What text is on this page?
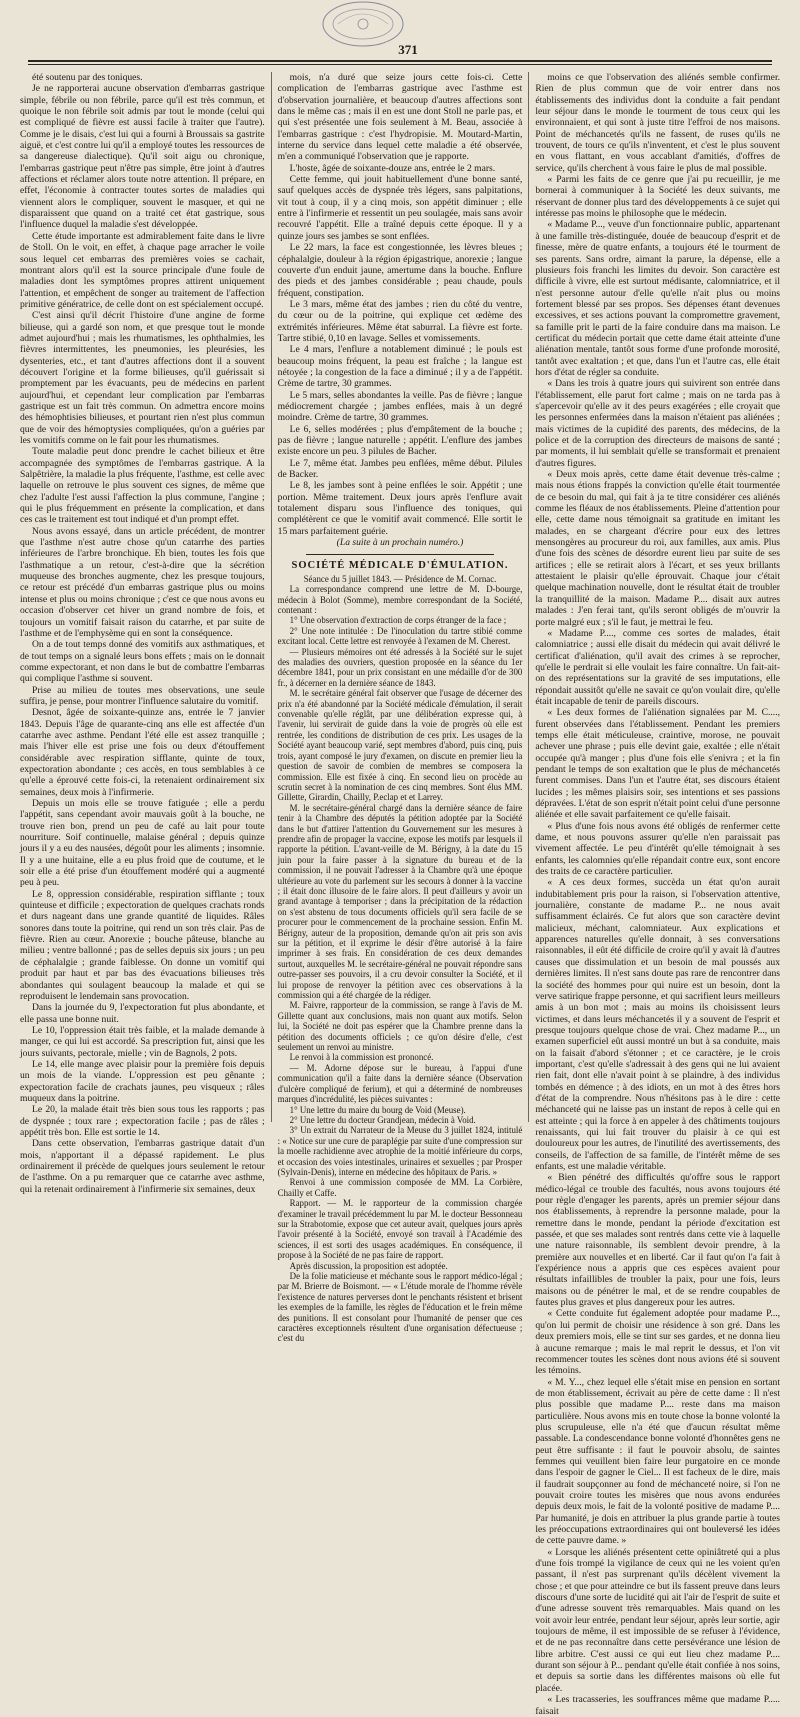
371

été soutenu par des toniques.

Je ne rapporterai aucune observation d'embarras gastrique simple, fébrile ou non fébrile, parce qu'il est très commun, et quoique le non fébrile soit admis par tout le monde (celui qui est compliqué de fièvre est aussi facile à traiter que l'autre). Comme je le disais, c'est lui qui a fourni à Broussais sa gastrite aiguë, et c'est contre lui qu'il a employé toutes les ressources de sa dangereuse dialectique). Qu'il soit aigu ou chronique, l'embarras gastrique peut n'être pas simple, être joint à d'autres affections et réclamer alors toute notre attention. Il prépare, en effet, l'économie à contracter toutes sortes de maladies qui viennent alors le compliquer, souvent le masquer, et qui ne disparaissent que quand on a traité cet état gastrique, sous l'influence duquel la maladie s'est développée.

Cette étude importante est admirablement faite dans le livre de Stoll. On le voit, en effet, à chaque page arracher le voile sous lequel cet embarras des premières voies se cachait, montrant alors qu'il est la source principale d'une foule de maladies dont les symptômes propres attirent uniquement l'attention, et empêchent de songer au traitement de l'affection primitive génératrice, de celle dont on est spécialement occupé.

C'est ainsi qu'il décrit l'histoire d'une angine de forme bilieuse, qui a gardé son nom, et que presque tout le monde admet aujourd'hui ; mais les rhumatismes, les ophthalmies, les fièvres intermittentes, les pneumonies, les pleurésies, les dysenteries, etc., et tant d'autres affections dont il a souvent découvert l'origine et la forme bilieuses, qu'il guérissait si promptement par les évacuants, peu de médecins en parlent aujourd'hui, et cependant leur complication par l'embarras gastrique est un fait très commun. On admettra encore moins des hémophtisies bilieuses, et pourtant rien n'est plus commun que de voir des hémoptysies compliquées, qu'on a guéries par les vomitifs comme on le fait pour les rhumatismes.

Toute maladie peut donc prendre le cachet bilieux et être accompagnée des symptômes de l'embarras gastrique. A la Salpêtrière, la maladie la plus fréquente, l'asthme, est celle avec laquelle on retrouve le plus souvent ces signes, de même que chez l'adulte l'est aussi l'affection la plus commune, l'angine ; qui le plus fréquemment en présente la complication, et dans ces cas le traitement est tout indiqué et d'un prompt effet.

Nous avons essayé, dans un article précédent, de montrer que l'asthme n'est autre chose qu'un catarrhe des parties inférieures de l'arbre bronchique. Eh bien, toutes les fois que l'asthmatique a un retour, c'est-à-dire que la sécrétion muqueuse des bronches augmente, chez les presque toujours, ce retour est précédé d'un embarras gastrique plus ou moins intense et plus ou moins chronique ; c'est ce que nous avons eu occasion d'observer cet hiver un grand nombre de fois, et toujours un vomitif faisait raison du catarrhe, et par suite de l'asthme et de l'emphysème qui en sont la conséquence.

On a de tout temps donné des vomitifs aux asthmatiques, et de tout temps on a signalé leurs bons effets ; mais on le donnait comme expectorant, et non dans le but de combattre l'embarras qui complique l'asthme si souvent.

Prise au milieu de toutes mes observations, une seule suffira, je pense, pour montrer l'influence salutaire du vomitif.

Desnot, âgée de soixante-quinze ans, entrée le 7 janvier 1843. Depuis l'âge de quarante-cinq ans elle est affectée d'un catarrhe avec asthme. Pendant l'été elle est assez tranquille ; mais l'hiver elle est prise une fois ou deux d'étouffement considérable avec respiration sifflante, quinte de toux, expectoration abondante ; ces accès, en tous semblables à ce qu'elle a éprouvé cette fois-ci, la retenaient ordinairement six semaines, deux mois à l'infirmerie.

Depuis un mois elle se trouve fatiguée ; elle a perdu l'appétit, sans cependant avoir mauvais goût à la bouche, ne trouve rien bon, prend un peu de café au lait pour toute nourriture. Soif continuelle, malaise général ; depuis quinze jours il y a eu des nausées, dégoût pour les aliments ; insomnie. Il y a une huitaine, elle a eu plus froid que de coutume, et le soir elle a été prise d'un étouffement modéré qui a augmenté peu à peu.

Le 8, oppression considérable, respiration sifflante ; toux quinteuse et difficile ; expectoration de quelques crachats ronds et durs nageant dans une grande quantité de liquides. Râles sonores dans toute la poitrine, qui rend un son très clair. Pas de fièvre. Rien au cœur. Anorexie ; bouche pâteuse, blanche au milieu ; ventre ballonné ; pas de selles depuis six jours ; un peu de céphalalgie ; grande faiblesse. On donne un vomitif qui produit par haut et par bas des évacuations bilieuses très abondantes qui soulagent beaucoup la malade et qui se reproduisent le lendemain sans provocation.

Dans la journée du 9, l'expectoration fut plus abondante, et elle passa une bonne nuit.

Le 10, l'oppression était très faible, et la malade demande à manger, ce qui lui est accordé. Sa prescription fut, ainsi que les jours suivants, pectorale, mielle ; vin de Bagnols, 2 pots.

Le 14, elle mange avec plaisir pour la première fois depuis un mois de la viande. L'oppression est peu gênante ; expectoration facile de crachats jaunes, peu visqueux ; râles muqueux dans la poitrine.

Le 20, la malade était très bien sous tous les rapports ; pas de dyspnée ; toux rare ; expectoration facile ; pas de râles ; appétit très bon. Elle est sortie le 14.

Dans cette observation, l'embarras gastrique datait d'un mois, n'apportant il a dépassé rapidement. Le plus ordinairement il précède de quelques jours seulement le retour de l'asthme. On a pu remarquer que ce catarrhe avec asthme, qui la retenait ordinairement à l'infirmerie six semaines, deux

mois, n'a duré que seize jours cette fois-ci. Cette complication de l'embarras gastrique avec l'asthme est d'observation journalière, et beaucoup d'autres affections sont dans le même cas ; mais il en est une dont Stoll ne parle pas, et qui s'est présentée une fois seulement à M. Beau, associée à l'embarras gastrique : c'est l'hydropisie. M. Moutard-Martin, interne du service dans lequel cette maladie a été observée, m'en a communiqué l'observation que je rapporte.

L'hoste, âgée de soixante-douze ans, entrée le 2 mars.

Cette femme, qui jouit habituellement d'une bonne santé, sauf quelques accès de dyspnée très légers, sans palpitations, vit tout à coup, il y a cinq mois, son appétit diminuer ; elle entre à l'infirmerie et ressentit un peu soulagée, mais sans avoir recouvré l'appétit. Elle a traîné depuis cette époque. Il y a quinze jours ses jambes se sont enflées.

Le 22 mars, la face est congestionnée, les lèvres bleues ; céphalalgie, douleur à la région épigastrique, anorexie ; langue couverte d'un enduit jaune, amertume dans la bouche. Enflure des pieds et des jambes considérable ; peau chaude, pouls fréquent, constipation.

Le 3 mars, même état des jambes ; rien du côté du ventre, du cœur ou de la poitrine, qui explique cet œdème des extrémités inférieures. Même état saburral. La fièvre est forte. Tartre stibié, 0,10 en lavage. Selles et vomissements.

Le 4 mars, l'enflure a notablement diminué ; le pouls est beaucoup moins fréquent, la peau est fraîche ; la langue est nétoyée ; la congestion de la face a diminué ; il y a de l'appétit. Crème de tartre, 30 grammes.

Le 5 mars, selles abondantes la veille. Pas de fièvre ; langue médiocrement chargée ; jambes enflées, mais à un degré moindre. Crème de tartre, 30 grammes.

Le 6, selles modérées ; plus d'empâtement de la bouche ; pas de fièvre ; langue naturelle ; appétit. L'enflure des jambes existe encore un peu. 3 pilules de Bacher.

Le 7, même état. Jambes peu enflées, même début. Pilules de Backer.

Le 8, les jambes sont à peine enflées le soir. Appétit ; une portion. Même traitement. Deux jours après l'enflure avait totalement disparu sous l'influence des toniques, qui complétèrent ce que le vomitif avait commencé. Elle sortit le 15 mars parfaitement guérie.

(La suite à un prochain numéro.)

SOCIÉTÉ MÉDICALE D'ÉMULATION.

Séance du 5 juillet 1843. — Présidence de M. Cornac.

La correspondance comprend une lettre de M. D-bourge, médecin à Bolot (Somme), membre correspondant de la Société, contenant :

1° Une observation d'extraction de corps étranger de la face ;

2° Une note intitulée : De l'inoculation du tartre stibié comme excitant local. Cette lettre est renvoyée à l'examen de M. Cherest.

— Plusieurs mémoires ont été adressés à la Société sur le sujet des maladies des ouvriers, question proposée en la séance du 1er décembre 1841, pour un prix consistant en une médaille d'or de 300 fr., à décerner en la dernière séance de 1843.

M. le secrétaire général fait observer que l'usage de décerner des prix n'a été abandonné par la Société médicale d'émulation, il serait convenable qu'elle réglât, par une délibération expresse qui, à l'avenir, lui servirait de guide dans la voie de progrès où elle est rentrée, les conditions de distribution de ces prix. Les usages de la Société ayant beaucoup varié, sept membres d'abord, puis cinq, puis trois, ayant composé le jury d'examen, on discute en premier lieu la question de savoir de combien de membres se composera la commission. Elle est fixée à cinq. En second lieu on procède au scrutin secret à la nomination de ces cinq membres. Sont élus MM. Gillette, Girardin, Chailly, P.eclap et et Larrey.

M. le secrétaire-général chargé dans la dernière séance de faire tenir à la Chambre des députés la pétition adoptée par la Société dans le but d'attirer l'attention du Gouvernement sur les mesures à prendre afin de propager la vaccine, expose les motifs par lesquels il rapporte la pétition. L'avant-veille de M. Bérigny, à la date du 15 juin pour la faire passer à la signature du bureau et de la commission, il ne pouvait l'adresser à la Chambre qu'à une époque ultérieure au vote du parlement sur les secours à donner à la vaccine ; il était donc illusoire de le faire alors. Il peut d'ailleurs y avoir un grand avantage à temporiser ; dans la précipitation de la rédaction on s'est abstenu de tous documents officiels qu'il sera facile de se procurer pour le commencement de la prochaine session. Enfin M. Bérigny, auteur de la proposition, demande qu'on ait pris son avis sur la pétition, et il exprime le désir d'être autorisé à la faire imprimer à ses frais. En considération de ces deux demandes surtout, auxquelles M. le secrétaire-général ne pouvait répondre sans outre-passer ses pouvoirs, il a cru devoir consulter la Société, et il lui propose de renvoyer la pétition avec ces observations à la commission qui a été chargée de la rédiger.

M. Faivre, rapporteur de la commission, se range à l'avis de M. Gillette quant aux conclusions, mais non quant aux motifs. Selon lui, la Société ne doit pas espérer que la Chambre prenne dans la pétition des documents officiels ; ce qu'on désire d'elle, c'est seulement un renvoi au ministre.

Le renvoi à la commission est prononcé.

— M. Adorne dépose sur le bureau, à l'appui d'une communication qu'il a faite dans la dernière séance (Observation d'ulcère compliqué de ferium), et qui a déterminé de nombreuses marques d'incrédulité, les pièces suivantes :

1° Une lettre du maire du bourg de Void (Meuse).

2° Une lettre du docteur Grandjean, médecin à Void.

3° Un extrait du Narrateur de la Meuse du 3 juillet 1824, intitulé : « Notice sur une cure de paraplégie par suite d'une compression sur la moelle rachidienne avec atrophie de la moitié inférieure du corps, et occasion des voies intestinales, urinaires et sexuelles ; par Prosper (Sylvain-Denis), interne en médecine des hôpitaux de Paris. »

Renvoi à une commission composée de MM. La Corbière, Chailly et Caffe.

Rapport. — M. le rapporteur de la commission chargée d'examiner le travail précédemment lu par M. le docteur Bessonneau sur la Strabotomie, expose que cet auteur avait, quelques jours après l'avoir présenté à la Société, envoyé son travail à l'Académie des sciences, il est sorti des usages académiques. En conséquence, il propose à la Société de ne pas faire de rapport.

Après discussion, la proposition est adoptée.

De la folie maticieuse et méchante sous le rapport médico-légal ; par M. Brierre de Boismont. — « L'étude morale de l'homme révèle l'existence de natures perverses dont le penchants résistent et brisent les exemples de la famille, les règles de l'éducation et le frein même des punitions. Il est consolant pour l'humanité de penser que ces caractères exceptionnels résultent d'une organisation défectueuse ; c'est du

moins ce que l'observation des aliénés semble confirmer. Rien de plus commun que de voir entrer dans nos établissements des individus dont la conduite a fait pendant leur séjour dans le monde le tourment de tous ceux qui les environnaient, et qui sont à juste titre l'effroi de nos maisons. Point de méchancetés qu'ils ne fassent, de ruses qu'ils ne trouvent, de tours ce qu'ils n'inventent, et c'est le plus souvent en vous flattant, en vous accablant d'amitiés, d'offres de service, qu'ils cherchent à vous faire le plus de mal possible.

« Parmi les faits de ce genre que j'ai pu recueillir, je me bornerai à communiquer à la Société les deux suivants, me réservant de donner plus tard des développements à ce sujet qui intéresse pas moins le philosophe que le médecin.

« Madame P..., veuve d'un fonctionnaire public, appartenant à une famille très-distinguée, douée de beaucoup d'esprit et de finesse, mère de quatre enfants, a toujours été le tourment de ses parents. Sans ordre, aimant la parure, la dépense, elle a plusieurs fois franchi les limites du devoir. Son caractère est difficile à vivre, elle est surtout médisante, calomniatrice, et il n'est personne autour d'elle qu'elle n'ait plus ou moins fortement blessé par ses propos. Ses dépenses étant devenues excessives, et ses actions pouvant la compromettre gravement, sa famille prit le parti de la faire conduire dans ma maison. Le certificat du médecin portait que cette dame était atteinte d'une aliénation mentale, tantôt sous forme d'une profonde morosité, tantôt avec exaltation ; et que, dans l'un et l'autre cas, elle était hors d'état de régler sa conduite.

« Dans les trois à quatre jours qui suivirent son entrée dans l'établissement, elle parut fort calme ; mais on ne tarda pas à s'apercevoir qu'elle av it des peurs exagérées ; elle croyait que les personnes enfermées dans la maison n'étaient pas aliénées ; mais victimes de la cupidité des parents, des médecins, de la police et de la corruption des directeurs de maisons de santé ; par moments, il lui semblait qu'elle se transformait et prenaient d'autres figures.

« Deux mois après, cette dame était devenue très-calme ; mais nous étions frappés la conviction qu'elle était tourmentée de ce besoin du mal, qui fait à ja te titre considérer ces aliénés comme les fléaux de nos établissements. Pleine d'attention pour elle, cette dame nous témoignait sa gratitude en imitant les malades, en se chargeant d'écrire pour eux des lettres mensongères au procureur du roi, aux familles, aux amis. Plus d'une fois des scènes de désordre eurent lieu par suite de ses artifices ; elle se retirait alors à l'écart, et ses yeux brillants attestaient le plaisir qu'elle éprouvait. Chaque jour c'était quelque machination nouvelle, dont le résultat était de troubler la tranquillité de la maison. Madame P.... disait aux autres malades : J'en ferai tant, qu'ils seront obligés de m'ouvrir la porte malgré eux ; s'il le faut, je mettrai le feu.

« Madame P...., comme ces sortes de malades, était calomniatrice ; aussi elle disait du médecin qui avait délivré le certificat d'aliénation, qu'il avait des crimes à se reprocher, qu'elle le perdrait si elle voulait les faire connaître. Un fait-ait-on des représentations sur la gravité de ses imputations, elle répondait aussitôt qu'elle ne savait ce qu'on voulait dire, qu'elle était incapable de tenir de pareils discours.

« Les deux formes de l'aliénation signalées par M. C...., furent observées dans l'établissement. Pendant les premiers temps elle était méticuleuse, craintive, morose, ne pouvait achever une phrase ; puis elle devint gaie, exaltée ; elle n'était occupée qu'à manger ; plus d'une fois elle s'enivra ; et la fin pendant le temps de son exaltation que le plus de méchancetés furent commises. Dans l'un et l'autre état, ses discours étaient lucides ; les mêmes plaisirs soir, ses intentions et ses passions dépravées. L'état de son esprit n'était point celui d'une personne aliénée et elle savait parfaitement ce qu'elle faisait.

« Plus d'une fois nous avons été obligés de renfermer cette dame, et nous pouvons assurer qu'elle n'en paraissait pas vivement affectée. Le peu d'intérêt qu'elle témoignait à ses enfants, les calomnies qu'elle répandait contre eux, sont encore des traits de ce caractère particulier.

« A ces deux formes, succèda un état qu'on aurait indubitablement pris pour la raison, si l'observation attentive, journalière, constante de madame P... ne nous avait suffisamment éclairés. Ce fut alors que son caractère devint malicieux, méchant, calomniateur. Aux explications et apparences naturelles qu'elle donnait, à ses conversations raisonnables, il eût été difficile de croire qu'il y avait là d'autres causes que dissimulation et un besoin de mal poussés aux dernières limites. Il n'est sans doute pas rare de rencontrer dans la société des hommes pour qui nuire est un besoin, dont la verve satirique frappe personne, et qui sacrifient leurs meilleurs amis à un bon mot ; mais au moins ils choisissent leurs victimes, et dans leurs méchancetés il y a souvent de l'esprit et presque toujours quelque chose de vrai. Chez madame P..., un examen superficiel eût aussi montré un but à sa conduite, mais on la faisait d'abord s'étonner ; et ce caractère, je le crois important, c'est qu'elle s'adressait à des gens qui ne lui avaient rien fait, dont elle n'avait point à se plaindre, à des individus tombés en démence ; à des idiots, en un mot à des êtres hors d'état de la comprendre. Nous n'hésitons pas à le dire : cette méchanceté qui ne laisse pas un instant de repos à celle qui en est atteinte ; qui la force à en appeler à des châtiments toujours renaissants, qui lui fait trouver du plaisir à ce qui est douloureux pour les autres, de l'inutilité des avertissements, des conseils, de l'affection de sa famille, de l'intérêt même de ses enfants, est une maladie véritable.

« Bien pénétré des difficultés qu'offre sous le rapport médico-légal ce trouble des facultés, nous avons toujours été pour règle d'engager les parents, après un premier séjour dans nos établissements, à reprendre la personne malade, pour la remettre dans le monde, pendant la période d'excitation est passée, et que ses malades sont rentrés dans cette vie à laquelle une nature raisonnable, ils semblent devoir prendre, à la première aux nouvelles et en liberté. Car il faut qu'on l'a fait à l'expérience nous a appris que ces espèces avaient pour résultats infaillibles de troubler la paix, pour une fois, leurs maisons ou de pénétrer le mal, et de se rendre coupables de fautes plus graves et plus dangereux pour les autres.

« Cette conduite fut également adoptée pour madame P..., qu'on lui permit de choisir une résidence à son gré. Dans les deux premiers mois, elle se tint sur ses gardes, et ne donna lieu à aucune remarque ; mais le mal reprit le dessus, et l'on vit recommencer toutes les scènes dont nous avions été si souvent les témoins.

« M. Y..., chez lequel elle s'était mise en pension en sortant de mon établissement, écrivait au père de cette dame : Il n'est plus possible que madame P.... reste dans ma maison particulière. Nous avons mis en toute chose la bonne volonté la plus scrupuleuse, elle n'a été que d'aucun résultat même passable. La condescendance bonne volonté d'honnêtes gens ne peut être suffisante : il faut le pouvoir absolu, de saintes femmes qui veuillent bien faire leur purgatoire en ce monde dans l'espoir de gagner le Ciel... Il est facheux de le dire, mais il faudrait soupçonner au fond de méchanceté noire, si l'on ne pouvait croire toutes les misères que nous avons endurées depuis deux mois, le fait de la volonté positive de madame P.... Par humanité, je dois en attribuer la plus grande partie à toutes les préoccupations extraordinaires qui ont bouleversé les idées de cette pauvre dame. »

« Lorsque les aliénés présentent cette opiniâtreté qui a plus d'une fois trompé la vigilance de ceux qui ne les voient qu'en passant, il n'est pas surprenant qu'ils décèlent vivement la chose ; et que pour atteindre ce but ils fassent preuve dans leurs discours d'une sorte de lucidité qui ait l'air de l'esprit de suite et d'une adresse souvent très remarquables. Mais quand on les voit avoir leur entrée, pendant leur séjour, après leur sortie, agir toujours de même, il est impossible de se refuser à l'évidence, et de ne pas reconnaître dans cette persévérance une lésion de libre arbitre. C'est aussi ce qui eut lieu chez madame P.... durant son séjour à P... pendant qu'elle était confiée à nos soins, et depuis sa sortie dans les différentes maisons où elle fut placée.

« Les tracasseries, les souffrances même que madame P..... faisait
